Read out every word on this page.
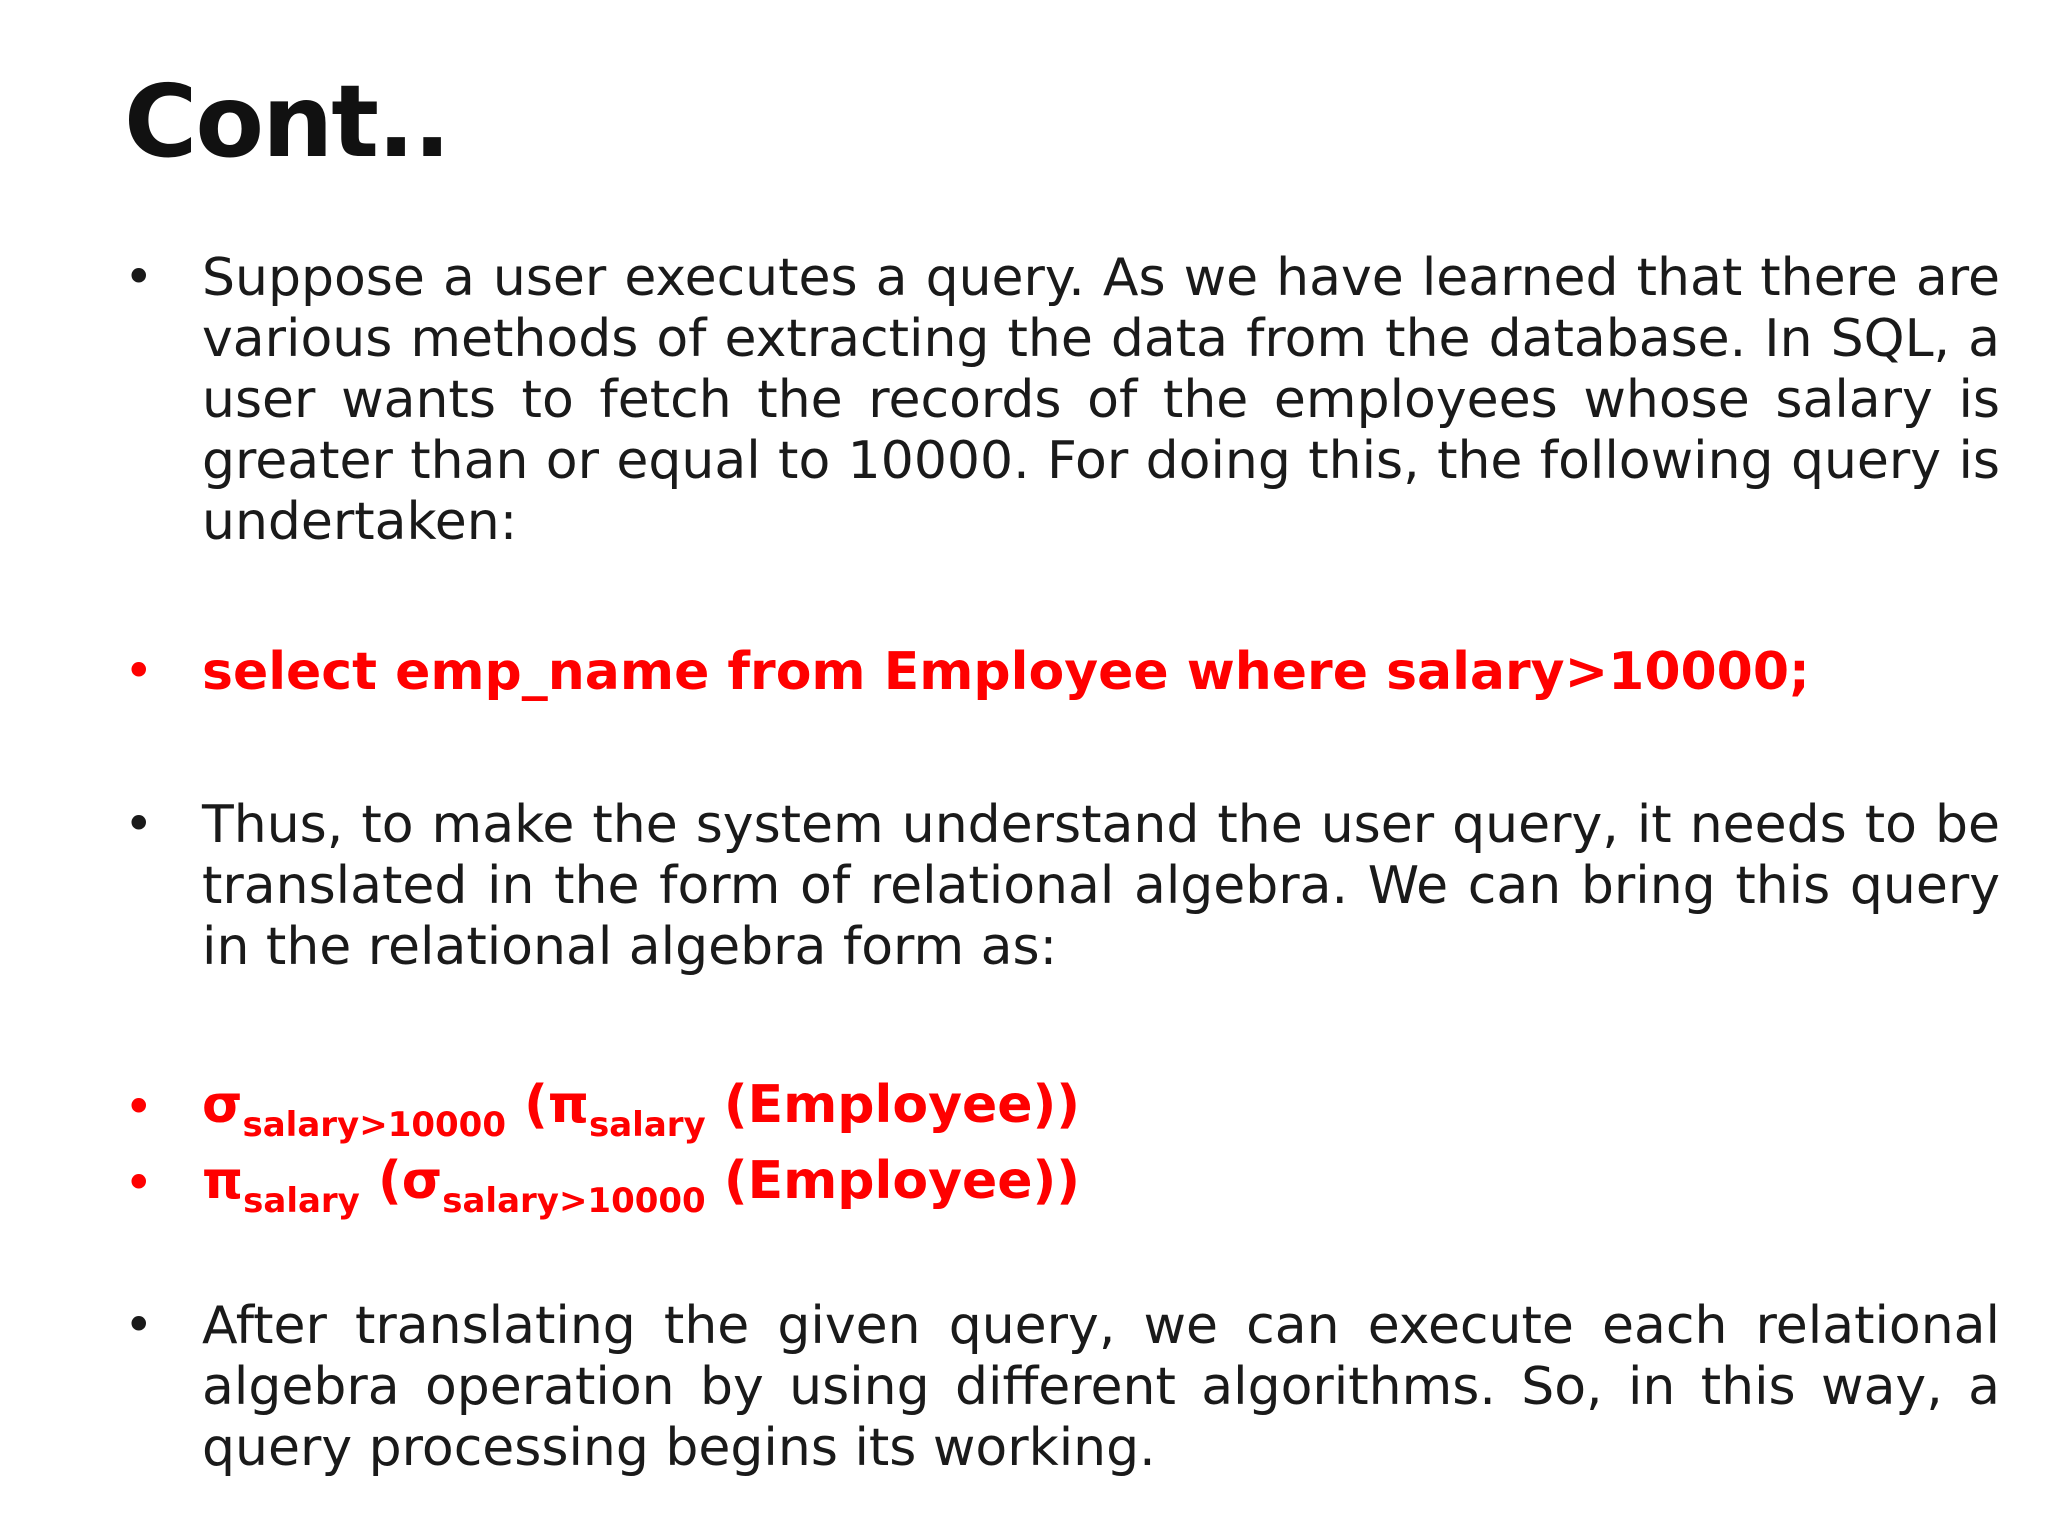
Cont..
• Suppose a user executes a query. As we have learned that there are various methods of extracting the data from the database. In SQL, a user wants to fetch the records of the employees whose salary is greater than or equal to 10000. For doing this, the following query is undertaken:
• select emp_name from Employee where salary>10000;
• Thus, to make the system understand the user query, it needs to be translated in the form of relational algebra. We can bring this query in the relational algebra form as:
• $\sigma_{salary>10000}$ ($\pi_{salary}$ (Employee))
• $\pi_{salary}$ ($\sigma_{salary>10000}$ (Employee))
• After translating the given query, we can execute each relational algebra operation by using different algorithms. So, in this way, a query processing begins its working.
